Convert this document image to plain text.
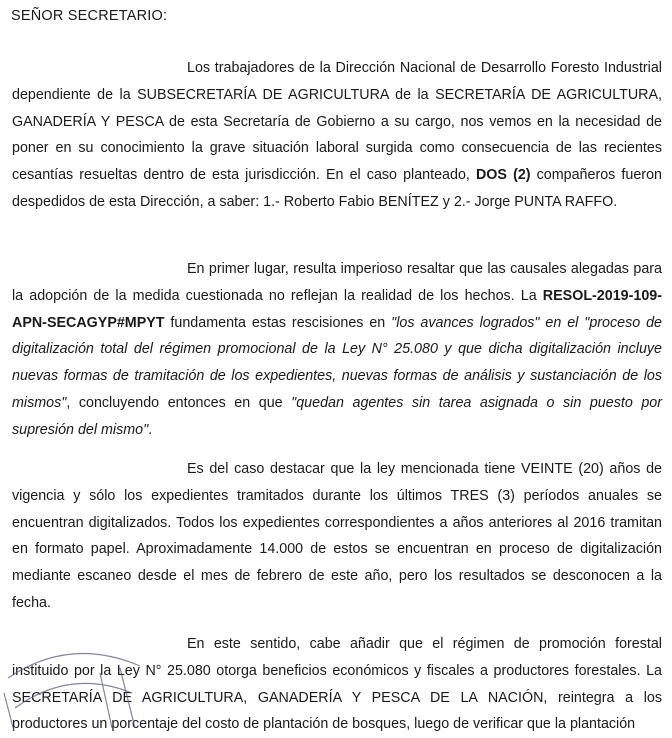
SEÑOR SECRETARIO:

Los trabajadores de la Dirección Nacional de Desarrollo Foresto Industrial dependiente de la SUBSECRETARÍA DE AGRICULTURA de la SECRETARÍA DE AGRICULTURA, GANADERÍA Y PESCA de esta Secretaría de Gobierno a su cargo, nos vemos en la necesidad de poner en su conocimiento la grave situación laboral surgida como consecuencia de las recientes cesantías resueltas dentro de esta jurisdicción. En el caso planteado, DOS (2) compañeros fueron despedidos de esta Dirección, a saber: 1.- Roberto Fabio BENÍTEZ y 2.- Jorge PUNTA RAFFO.

En primer lugar, resulta imperioso resaltar que las causales alegadas para la adopción de la medida cuestionada no reflejan la realidad de los hechos. La RESOL-2019-109-APN-SECAGYP#MPYT fundamenta estas rescisiones en "los avances logrados" en el "proceso de digitalización total del régimen promocional de la Ley N° 25.080 y que dicha digitalización incluye nuevas formas de tramitación de los expedientes, nuevas formas de análisis y sustanciación de los mismos", concluyendo entonces en que "quedan agentes sin tarea asignada o sin puesto por supresión del mismo".

Es del caso destacar que la ley mencionada tiene VEINTE (20) años de vigencia y sólo los expedientes tramitados durante los últimos TRES (3) períodos anuales se encuentran digitalizados. Todos los expedientes correspondientes a años anteriores al 2016 tramitan en formato papel. Aproximadamente 14.000 de estos se encuentran en proceso de digitalización mediante escaneo desde el mes de febrero de este año, pero los resultados se desconocen a la fecha.

En este sentido, cabe añadir que el régimen de promoción forestal instituido por la Ley N° 25.080 otorga beneficios económicos y fiscales a productores forestales. La SECRETARÍA DE AGRICULTURA, GANADERÍA Y PESCA DE LA NACIÓN, reintegra a los productores un porcentaje del costo de plantación de bosques, luego de verificar que la plantación
